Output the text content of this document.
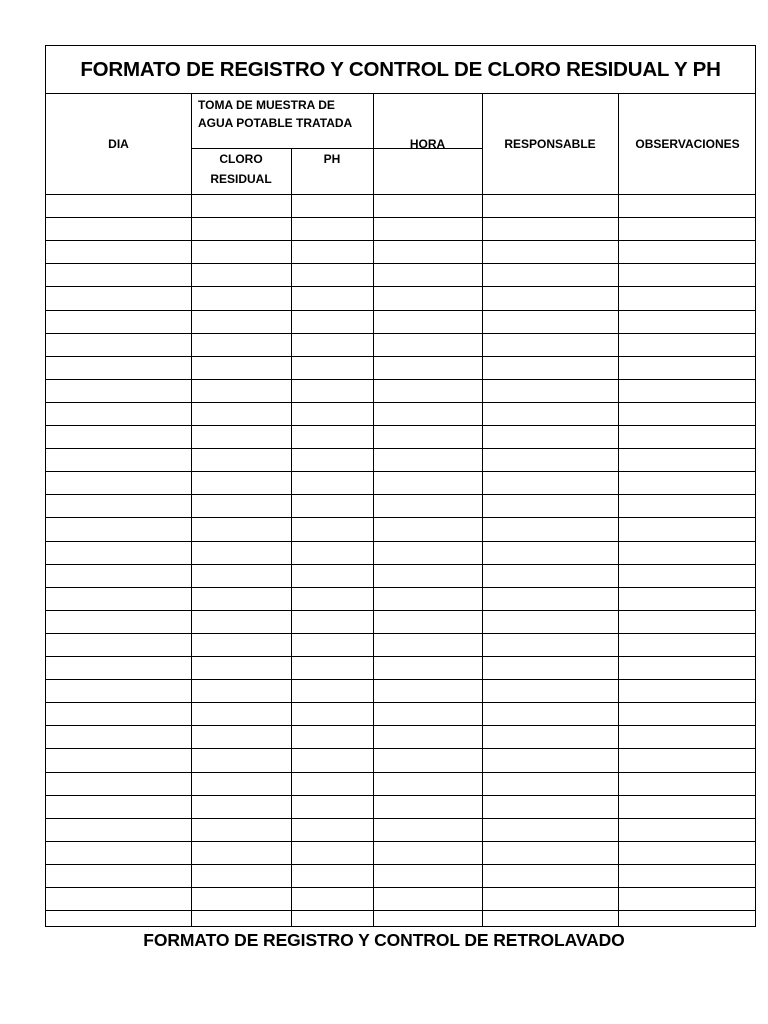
FORMATO DE REGISTRO Y CONTROL DE CLORO RESIDUAL Y PH
DIA
TOMA DE MUESTRA DE
AGUA POTABLE TRATADA
CLORO
RESIDUAL
PH
HORA	RESPONSABLE	OBSERVACIONES
FORMATO DE REGISTRO Y CONTROL DE RETROLAVADO
